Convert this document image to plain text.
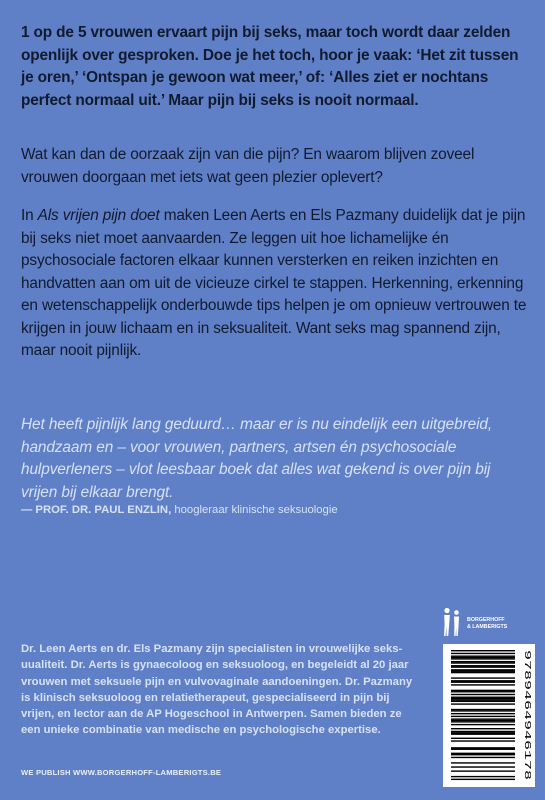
1 op de 5 vrouwen ervaart pijn bij seks, maar toch wordt daar zelden openlijk over gesproken. Doe je het toch, hoor je vaak: ‘Het zit tussen je oren,’ ‘Ontspan je gewoon wat meer,’ of: ‘Alles ziet er nochtans perfect normaal uit.’ Maar pijn bij seks is nooit normaal.

Wat kan dan de oorzaak zijn van die pijn? En waarom blijven zoveel vrouwen doorgaan met iets wat geen plezier oplevert?

In Als vrijen pijn doet maken Leen Aerts en Els Pazmany duidelijk dat je pijn bij seks niet moet aanvaarden. Ze leggen uit hoe lichamelijke én psychosociale factoren elkaar kunnen versterken en reiken inzichten en handvatten aan om uit de vicieuze cirkel te stappen. Herkenning, erkenning en wetenschappelijk onderbouwde tips helpen je om opnieuw vertrouwen te krijgen in jouw lichaam en in seksualiteit. Want seks mag spannend zijn, maar nooit pijnlijk.

Het heeft pijnlijk lang geduurd… maar er is nu eindelijk een uitgebreid, handzaam en – voor vrouwen, partners, artsen én psychosociale hulpverleners – vlot leesbaar boek dat alles wat gekend is over pijn bij vrijen bij elkaar brengt.

— PROF. DR. PAUL ENZLIN, hoogleraar klinische seksuologie

BORGERHOFF
& LAMBERIGTS

Dr. Leen Aerts en dr. Els Pazmany zijn specialisten in vrouwelijke seks-uualiteit. Dr. Aerts is gynaecoloog en seksuoloog, en begeleidt al 20 jaar vrouwen met seksuele pijn en vulvovaginale aandoeningen. Dr. Pazmany is klinisch seksuoloog en relatietherapeut, gespecialiseerd in pijn bij vrijen, en lector aan de AP Hogeschool in Antwerpen. Samen bieden ze een unieke combinatie van medische en psychologische expertise.

9789464946178

WE PUBLISH WWW.BORGERHOFF-LAMBERIGTS.BE
